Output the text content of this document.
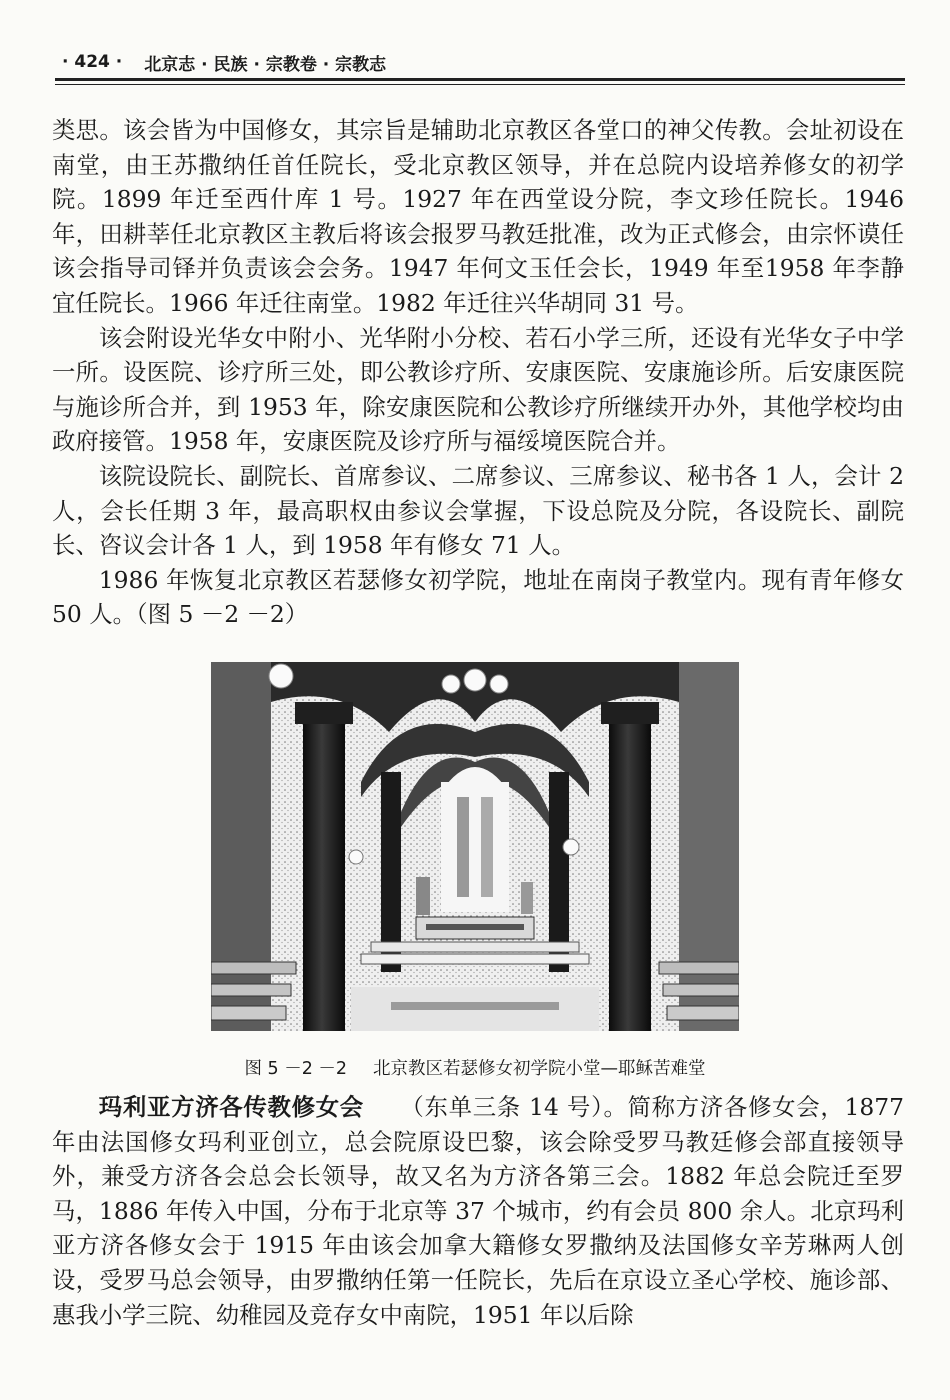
· 424 · 北京志 · 民族 · 宗教卷 · 宗教志

类思。该会皆为中国修女，其宗旨是辅助北京教区各堂口的神父传教。会址初设在南堂，由王苏撒纳任首任院长，受北京教区领导，并在总院内设培养修女的初学院。1899 年迁至西什库 1 号。1927 年在西堂设分院，李文珍任院长。1946 年，田耕莘任北京教区主教后将该会报罗马教廷批准，改为正式修会，由宗怀谟任该会指导司铎并负责该会会务。1947 年何文玉任会长，1949 年至1958 年李静宜任院长。1966 年迁往南堂。1982 年迁往兴华胡同 31 号。

该会附设光华女中附小、光华附小分校、若石小学三所，还设有光华女子中学一所。设医院、诊疗所三处，即公教诊疗所、安康医院、安康施诊所。后安康医院与施诊所合并，到 1953 年，除安康医院和公教诊疗所继续开办外，其他学校均由政府接管。1958 年，安康医院及诊疗所与福绥境医院合并。

该院设院长、副院长、首席参议、二席参议、三席参议、秘书各 1 人，会计 2 人，会长任期 3 年，最高职权由参议会掌握，下设总院及分院，各设院长、副院长、咨议会计各 1 人，到 1958 年有修女 71 人。

1986 年恢复北京教区若瑟修女初学院，地址在南岗子教堂内。现有青年修女 50 人。（图 5 －2 －2）

图 5 －2 －2 北京教区若瑟修女初学院小堂—耶稣苦难堂

玛利亚方济各传教修女会　　 （东单三条 14 号）。简称方济各修女会，1877 年由法国修女玛利亚创立，总会院原设巴黎，该会除受罗马教廷修会部直接领导外，兼受方济各会总会长领导，故又名为方济各第三会。1882 年总会院迁至罗马，1886 年传入中国，分布于北京等 37 个城市，约有会员 800 余人。北京玛利亚方济各修女会于 1915 年由该会加拿大籍修女罗撒纳及法国修女辛芳琳两人创设，受罗马总会领导，由罗撒纳任第一任院长，先后在京设立圣心学校、施诊部、惠我小学三院、幼稚园及竞存女中南院，1951 年以后除
